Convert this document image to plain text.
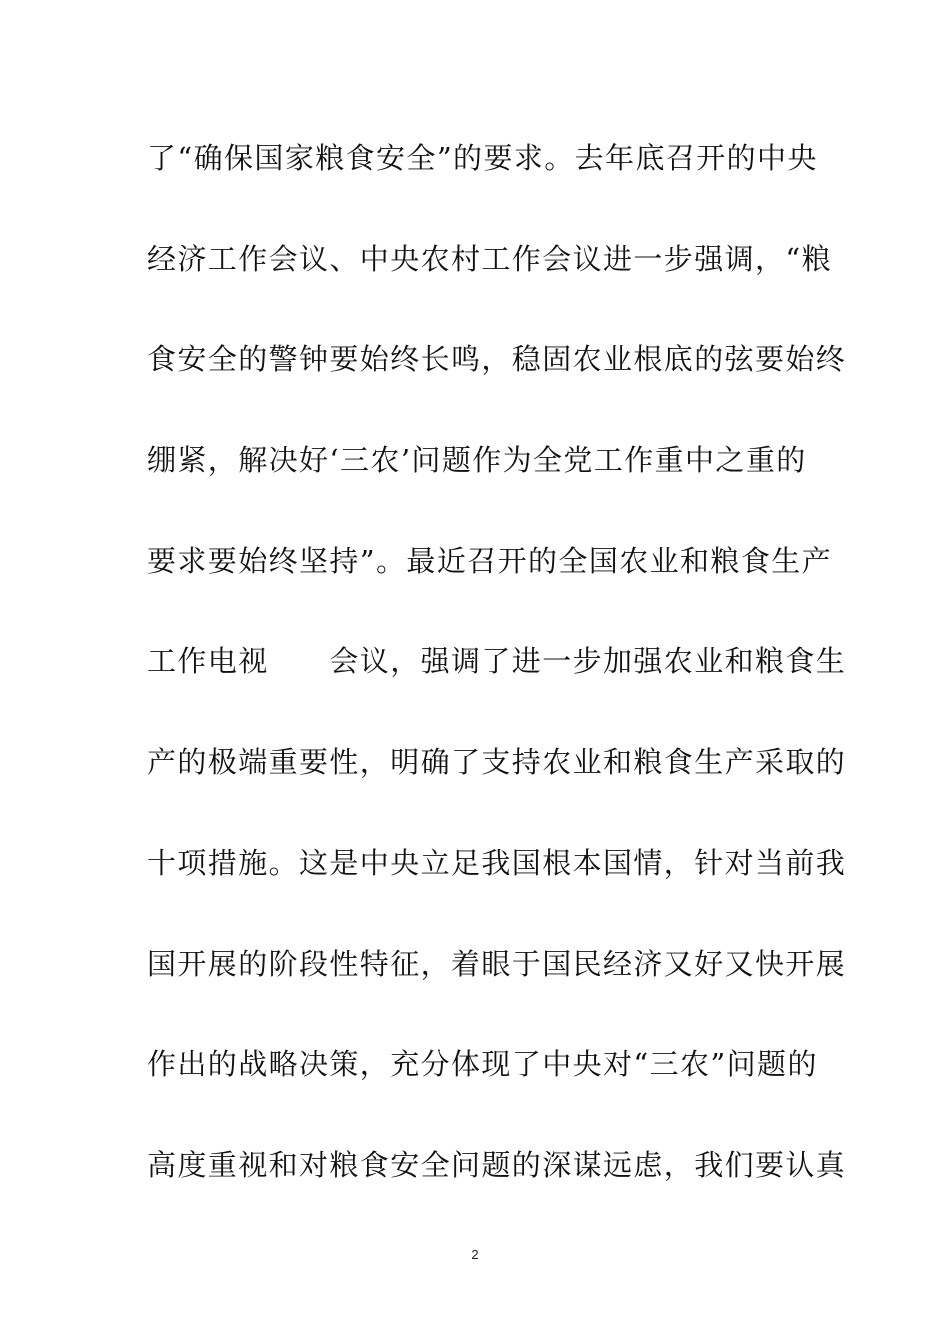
了“确保国家粮食安全”的要求。去年底召开的中央
经济工作会议、中央农村工作会议进一步强调，“粮
食安全的警钟要始终长鸣，稳固农业根底的弦要始终
绷紧，解决好‘三农’问题作为全党工作重中之重的
要求要始终坚持”。最近召开的全国农业和粮食生产
工作电视　　会议，强调了进一步加强农业和粮食生
产的极端重要性，明确了支持农业和粮食生产采取的
十项措施。这是中央立足我国根本国情，针对当前我
国开展的阶段性特征，着眼于国民经济又好又快开展
作出的战略决策，充分体现了中央对“三农”问题的
高度重视和对粮食安全问题的深谋远虑，我们要认真
2
